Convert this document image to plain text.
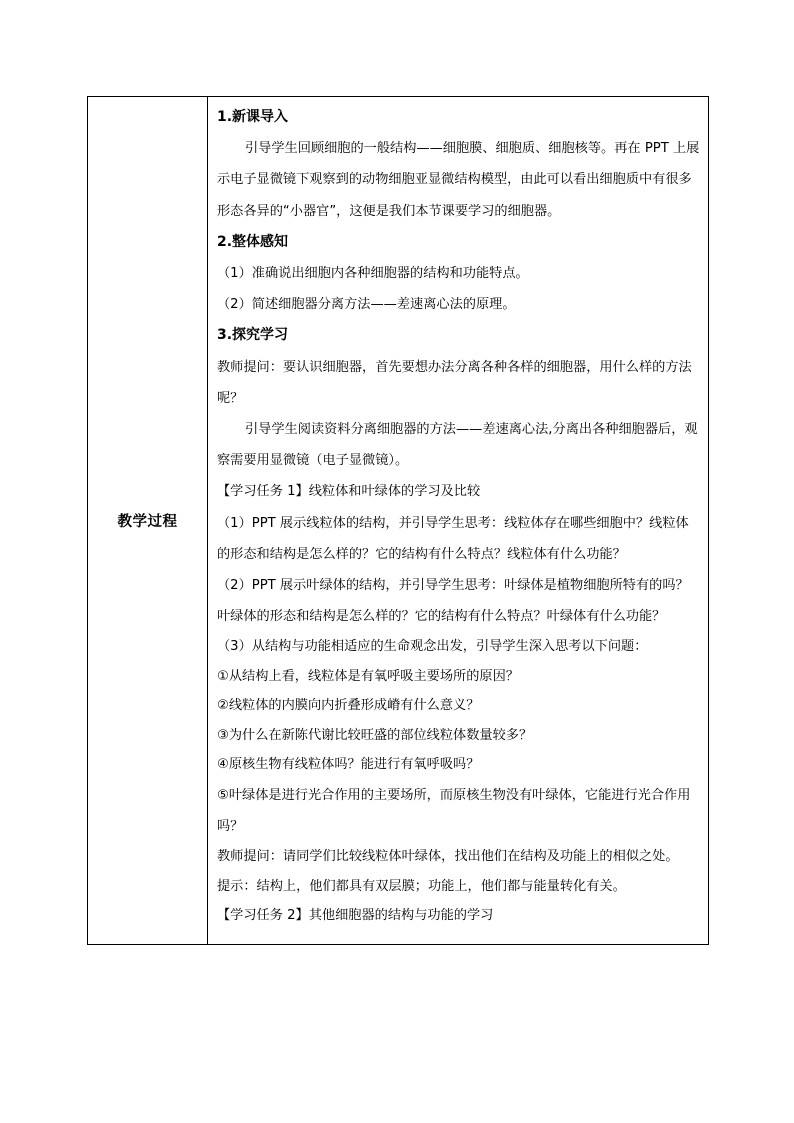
教学过程	

1.新课导入

引导学生回顾细胞的一般结构——细胞膜、细胞质、细胞核等。再在 PPT 上展示电子显微镜下观察到的动物细胞亚显微结构模型，由此可以看出细胞质中有很多形态各异的“小器官”，这便是我们本节课要学习的细胞器。

2.整体感知

（1）准确说出细胞内各种细胞器的结构和功能特点。

（2）简述细胞器分离方法——差速离心法的原理。

3.探究学习

教师提问：要认识细胞器，首先要想办法分离各种各样的细胞器，用什么样的方法呢？

引导学生阅读资料分离细胞器的方法——差速离心法,分离出各种细胞器后，观察需要用显微镜（电子显微镜）。

【学习任务 1】线粒体和叶绿体的学习及比较

（1）PPT 展示线粒体的结构，并引导学生思考：线粒体存在哪些细胞中？线粒体的形态和结构是怎么样的？它的结构有什么特点？线粒体有什么功能？

（2）PPT 展示叶绿体的结构，并引导学生思考：叶绿体是植物细胞所特有的吗？叶绿体的形态和结构是怎么样的？它的结构有什么特点？叶绿体有什么功能？

（3）从结构与功能相适应的生命观念出发，引导学生深入思考以下问题：

①从结构上看，线粒体是有氧呼吸主要场所的原因？

②线粒体的内膜向内折叠形成嵴有什么意义？

③为什么在新陈代谢比较旺盛的部位线粒体数量较多？

④原核生物有线粒体吗？能进行有氧呼吸吗？

⑤叶绿体是进行光合作用的主要场所，而原核生物没有叶绿体，它能进行光合作用吗？

教师提问：请同学们比较线粒体叶绿体，找出他们在结构及功能上的相似之处。

提示：结构上，他们都具有双层膜；功能上，他们都与能量转化有关。

【学习任务 2】其他细胞器的结构与功能的学习
